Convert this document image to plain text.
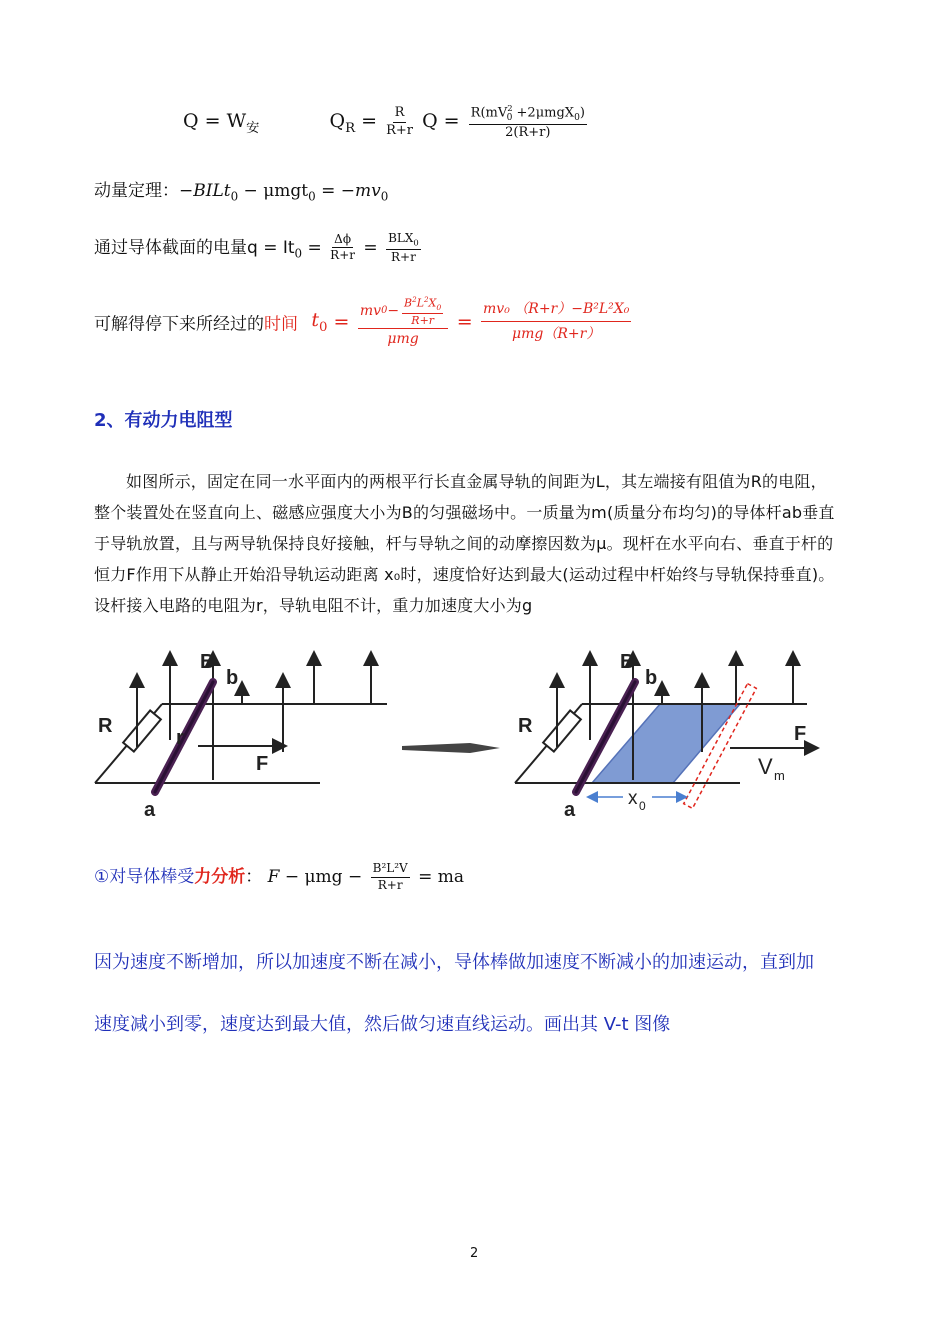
$Q = W_安$	$Q_R = \frac{R}{R+r}$ $Q = \frac{R(mV^2_0 +2\mu mgX_0)}{2(R+r)}$
动量定理：−BILt$_0$ − $\mu mgt_0 = -mv_0$
通过导体截面的电量$q = It_0 = \frac{\Delta\phi}{R+r} = \frac{BLX_0}{R+r}$
可解得停下来所经过的时间 $t_0 = \frac{mv 0 - \frac{B^2L^2X_0}{R+r}}{\text{μmg}} = \frac{\text{mv₀ （R+r）−B²L²X₀}}{\text{μmg（R+r）}}$
2、有动力电阻型
如图所示，固定在同一水平面内的两根平行长直金属导轨的间距为L，其左端接有阻值为R的电阻，
整个装置处在竖直向上、磁感应强度大小为B的匀强磁场中。一质量为m(质量分布均匀)的导体杆ab垂直
于导轨放置，且与两导轨保持良好接触，杆与导轨之间的动摩擦因数为μ。现杆在水平向右、垂直于杆的
恒力F作用下从静止开始沿导轨运动距离 x₀时，速度恰好达到最大(运动过程中杆始终与导轨保持垂直)。
设杆接入电路的电阻为r，导轨电阻不计，重力加速度大小为g
B
b
R
r
F
a
B
b
R	F
a
V m
x 0
①对导体棒受力分析： $F - \mu mg - \frac{\text{B²L²V}}{R+r}$ = ma
因为速度不断增加，所以加速度不断在减小，导体棒做加速度不断减小的加速运动，直到加
速度减小到零，速度达到最大值，然后做匀速直线运动。画出其 V-t 图像
2
